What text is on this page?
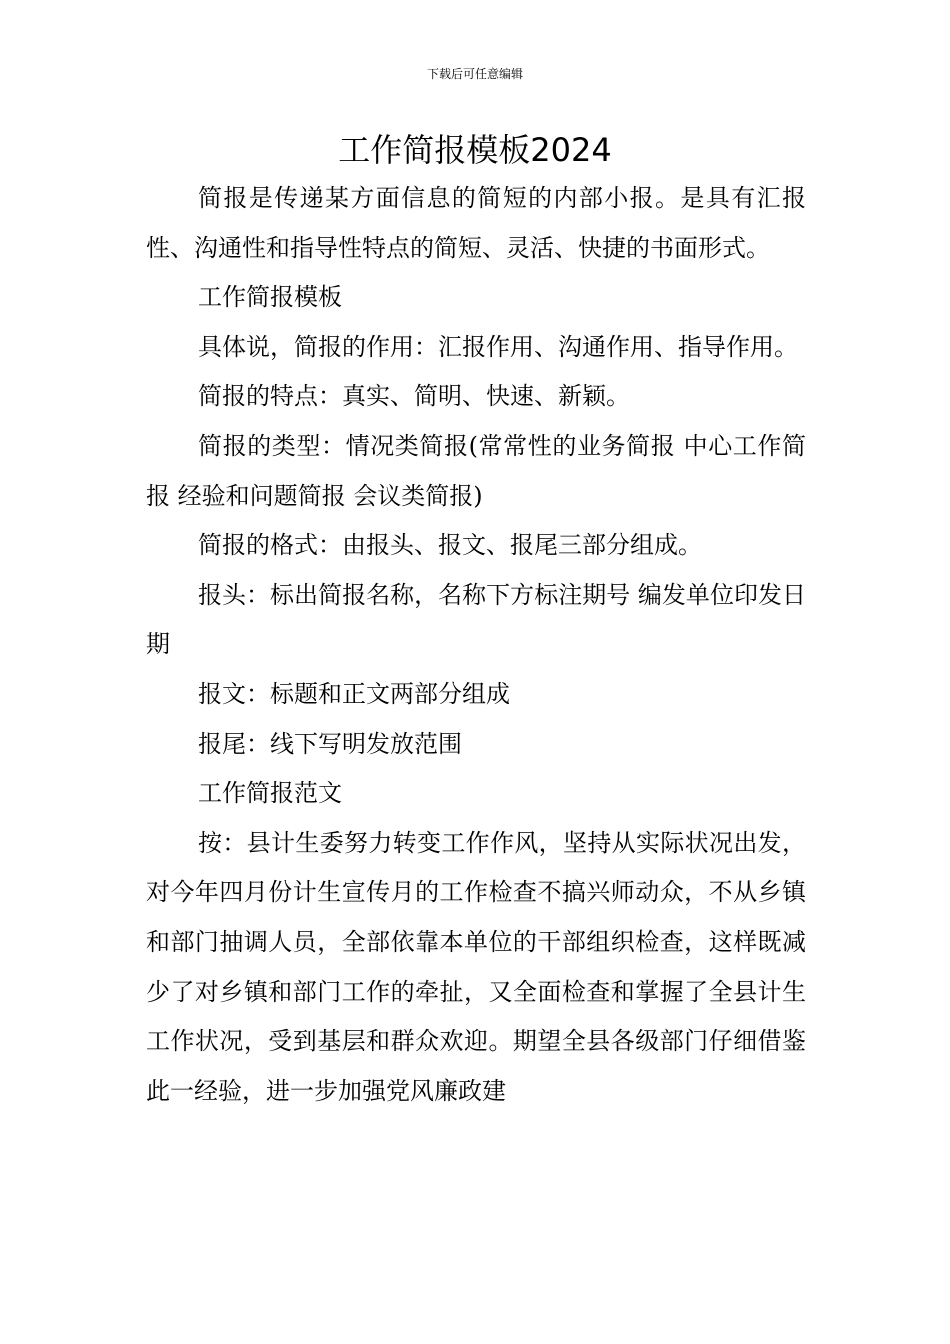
下载后可任意编辑
工作简报模板2024

简报是传递某方面信息的简短的内部小报。是具有汇报性、沟通性和指导性特点的简短、灵活、快捷的书面形式。

工作简报模板

具体说，简报的作用：汇报作用、沟通作用、指导作用。

简报的特点：真实、简明、快速、新颖。

简报的类型：情况类简报(常常性的业务简报 中心工作简报 经验和问题简报 会议类简报)

简报的格式：由报头、报文、报尾三部分组成。

报头：标出简报名称，名称下方标注期号 编发单位印发日期

报文：标题和正文两部分组成

报尾：线下写明发放范围

工作简报范文

按：县计生委努力转变工作作风，坚持从实际状况出发，对今年四月份计生宣传月的工作检查不搞兴师动众，不从乡镇和部门抽调人员，全部依靠本单位的干部组织检查，这样既减少了对乡镇和部门工作的牵扯，又全面检查和掌握了全县计生工作状况，受到基层和群众欢迎。期望全县各级部门仔细借鉴此一经验，进一步加强党风廉政建
